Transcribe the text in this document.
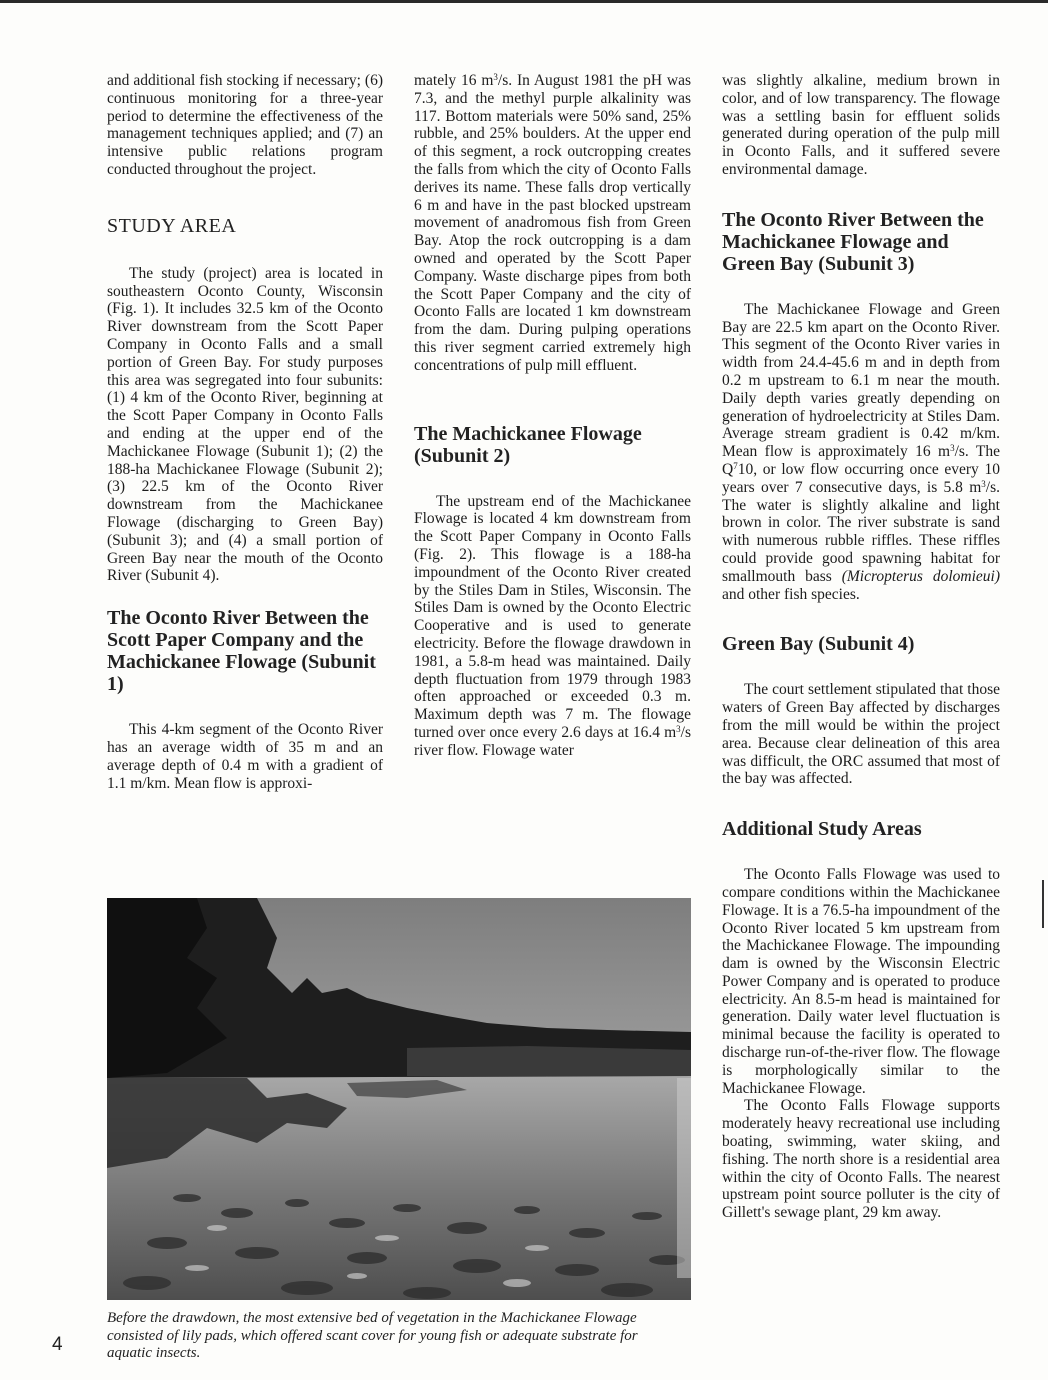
and additional fish stocking if necessary; (6) continuous monitoring for a three-year period to determine the effectiveness of the management techniques applied; and (7) an intensive public relations program conducted throughout the project.

STUDY AREA

The study (project) area is located in southeastern Oconto County, Wisconsin (Fig. 1). It includes 32.5 km of the Oconto River downstream from the Scott Paper Company in Oconto Falls and a small portion of Green Bay. For study purposes this area was segregated into four subunits: (1) 4 km of the Oconto River, beginning at the Scott Paper Company in Oconto Falls and ending at the upper end of the Machickanee Flowage (Subunit 1); (2) the 188-ha Machickanee Flowage (Subunit 2); (3) 22.5 km of the Oconto River downstream from the Machickanee Flowage (discharging to Green Bay) (Subunit 3); and (4) a small portion of Green Bay near the mouth of the Oconto River (Subunit 4).

The Oconto River Between the Scott Paper Company and the Machickanee Flowage (Subunit 1)

This 4-km segment of the Oconto River has an average width of 35 m and an average depth of 0.4 m with a gradient of 1.1 m/km. Mean flow is approxi-

mately 16 $m^3/s$. In August 1981 the pH was 7.3, and the methyl purple alkalinity was 117. Bottom materials were 50% sand, 25% rubble, and 25% boulders. At the upper end of this segment, a rock outcropping creates the falls from which the city of Oconto Falls derives its name. These falls drop vertically 6 m and have in the past blocked upstream movement of anadromous fish from Green Bay. Atop the rock outcropping is a dam owned and operated by the Scott Paper Company. Waste discharge pipes from both the Scott Paper Company and the city of Oconto Falls are located 1 km downstream from the dam. During pulping operations this river segment carried extremely high concentrations of pulp mill effluent.

The Machickanee Flowage (Subunit 2)

The upstream end of the Machickanee Flowage is located 4 km downstream from the Scott Paper Company in Oconto Falls (Fig. 2). This flowage is a 188-ha impoundment of the Oconto River created by the Stiles Dam in Stiles, Wisconsin. The Stiles Dam is owned by the Oconto Electric Cooperative and is used to generate electricity. Before the flowage drawdown in 1981, a 5.8-m head was maintained. Daily depth fluctuation from 1979 through 1983 often approached or exceeded 0.3 m. Maximum depth was 7 m. The flowage turned over once every 2.6 days at 16.4 $m^3/s$ river flow. Flowage water

was slightly alkaline, medium brown in color, and of low transparency. The flowage was a settling basin for effluent solids generated during operation of the pulp mill in Oconto Falls, and it suffered severe environmental damage.

The Oconto River Between the Machickanee Flowage and Green Bay (Subunit 3)

The Machickanee Flowage and Green Bay are 22.5 km apart on the Oconto River. This segment of the Oconto River varies in width from 24.4-45.6 m and in depth from 0.2 m upstream to 6.1 m near the mouth. Daily depth varies greatly depending on generation of hydroelectricity at Stiles Dam. Average stream gradient is 0.42 m/km. Mean flow is approximately 16 $m^3/s$. The $Q^710$, or low flow occurring once every 10 years over 7 consecutive days, is 5.8 $m^3/s$. The water is slightly alkaline and light brown in color. The river substrate is sand with numerous rubble riffles. These riffles could provide good spawning habitat for smallmouth bass (Micropterus dolomieui) and other fish species.

Green Bay (Subunit 4)

The court settlement stipulated that those waters of Green Bay affected by discharges from the mill would be within the project area. Because clear delineation of this area was difficult, the ORC assumed that most of the bay was affected.

Additional Study Areas

The Oconto Falls Flowage was used to compare conditions within the Machickanee Flowage. It is a 76.5-ha impoundment of the Oconto River located 5 km upstream from the Machickanee Flowage. The impounding dam is owned by the Wisconsin Electric Power Company and is operated to produce electricity. An 8.5-m head is maintained for generation. Daily water level fluctuation is minimal because the facility is operated to discharge run-of-the-river flow. The flowage is morphologically similar to the Machickanee Flowage.

The Oconto Falls Flowage supports moderately heavy recreational use including boating, swimming, water skiing, and fishing. The north shore is a residential area within the city of Oconto Falls. The nearest upstream point source polluter is the city of Gillett's sewage plant, 29 km away.

Before the drawdown, the most extensive bed of vegetation in the Machickanee Flowage consisted of lily pads, which offered scant cover for young fish or adequate substrate for aquatic insects.
4
